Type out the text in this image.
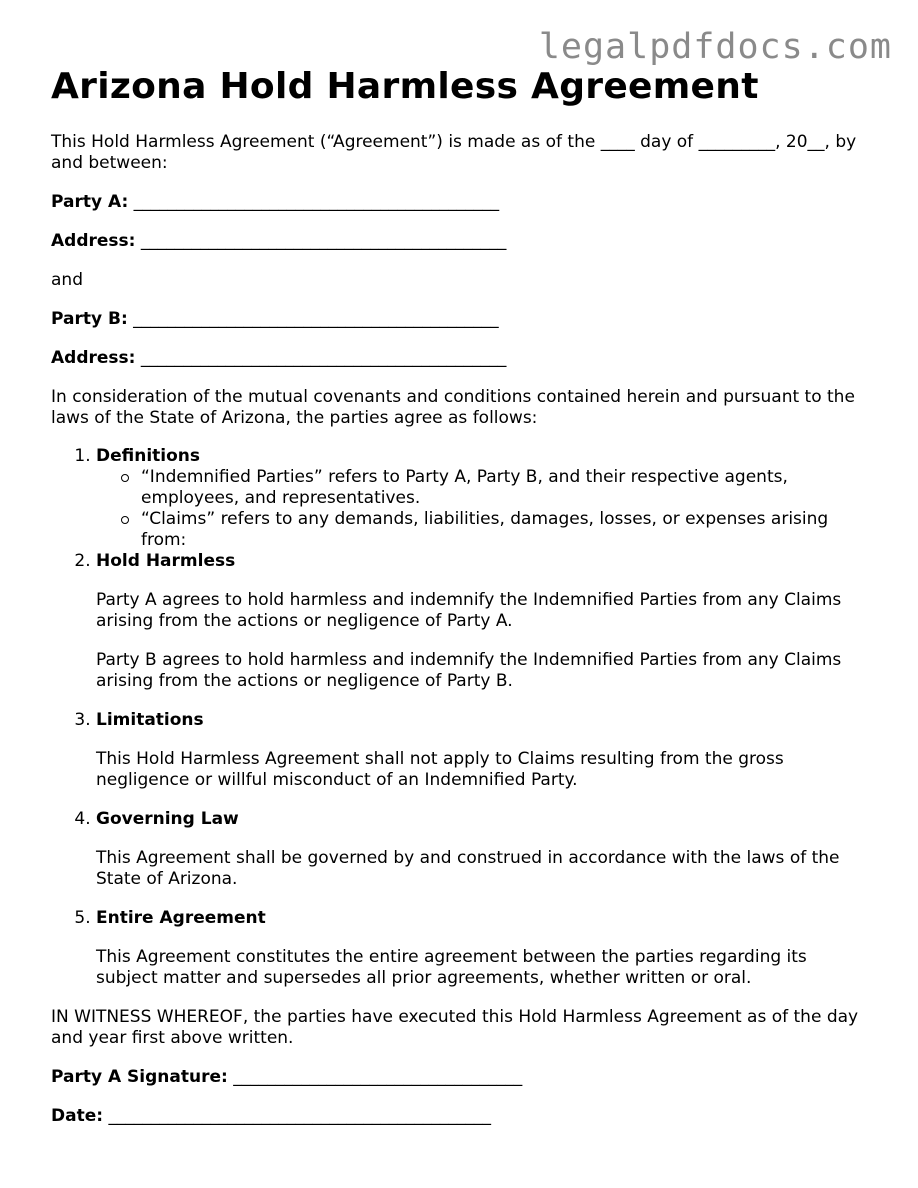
legalpdfdocs.com
Arizona Hold Harmless Agreement

This Hold Harmless Agreement (“Agreement”) is made as of the ____ day of _________, 20__, by and between:

Party A: ___________________________________________

Address: ___________________________________________

and

Party B: ___________________________________________

Address: ___________________________________________

In consideration of the mutual covenants and conditions contained herein and pursuant to the laws of the State of Arizona, the parties agree as follows:

1. Definitions
“Indemnified Parties” refers to Party A, Party B, and their respective agents, employees, and representatives.
“Claims” refers to any demands, liabilities, damages, losses, or expenses arising from:
2. Hold Harmless

Party A agrees to hold harmless and indemnify the Indemnified Parties from any Claims arising from the actions or negligence of Party A.

Party B agrees to hold harmless and indemnify the Indemnified Parties from any Claims arising from the actions or negligence of Party B.

3. Limitations

This Hold Harmless Agreement shall not apply to Claims resulting from the gross negligence or willful misconduct of an Indemnified Party.

4. Governing Law

This Agreement shall be governed by and construed in accordance with the laws of the State of Arizona.

5. Entire Agreement

This Agreement constitutes the entire agreement between the parties regarding its subject matter and supersedes all prior agreements, whether written or oral.

IN WITNESS WHEREOF, the parties have executed this Hold Harmless Agreement as of the day and year first above written.

Party A Signature: __________________________________

Date: _____________________________________________
